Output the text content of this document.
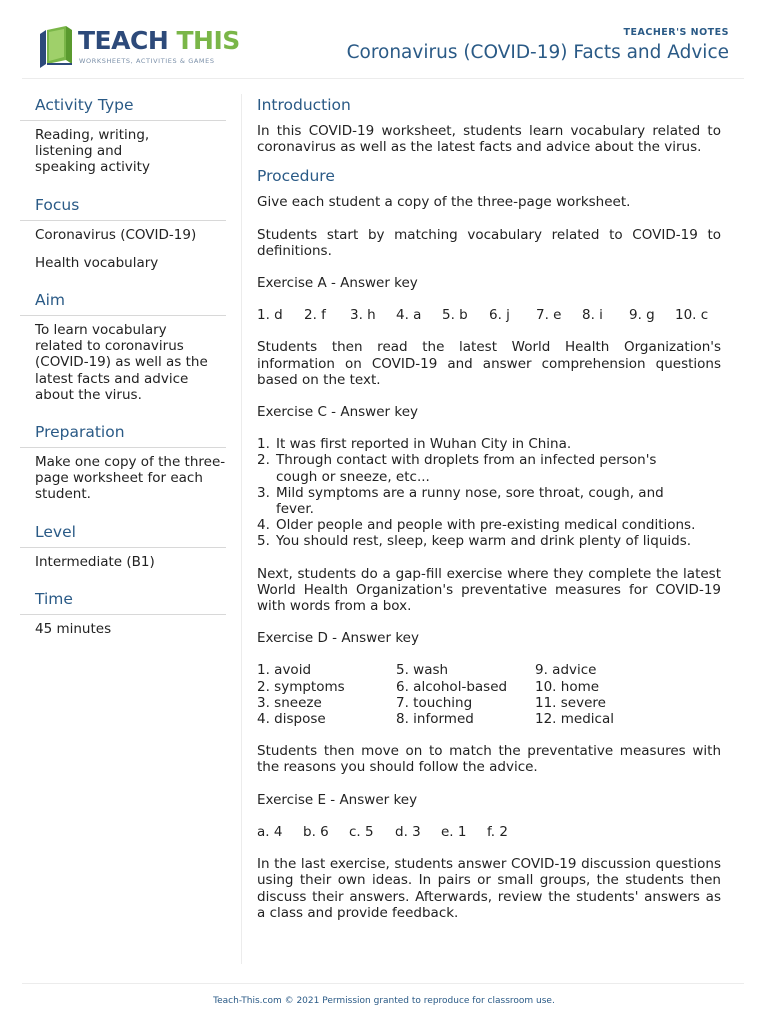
TEACH THIS
WORKSHEETS, ACTIVITIES & GAMES
TEACHER'S NOTES
Coronavirus (COVID-19) Facts and Advice
Activity Type
Reading, writing, listening and speaking activity
Focus
Coronavirus (COVID-19)
Health vocabulary
Aim
To learn vocabulary related to coronavirus (COVID-19) as well as the latest facts and advice about the virus.
Preparation
Make one copy of the three-page worksheet for each student.
Level
Intermediate (B1)
Time
45 minutes
Introduction

In this COVID-19 worksheet, students learn vocabulary related to coronavirus as well as the latest facts and advice about the virus.

Procedure

Give each student a copy of the three-page worksheet.

Students start by matching vocabulary related to COVID-19 to definitions.

Exercise A - Answer key

1. d	2. f	3. h	4. a	5. b	6. j	7. e	8. i	9. g	10. c

Students then read the latest World Health Organization's information on COVID-19 and answer comprehension questions based on the text.

Exercise C - Answer key

1. It was first reported in Wuhan City in China.
2. Through contact with droplets from an infected person's cough or sneeze, etc...
3. Mild symptoms are a runny nose, sore throat, cough, and fever.
4. Older people and people with pre-existing medical conditions.
5. You should rest, sleep, keep warm and drink plenty of liquids.

Next, students do a gap-fill exercise where they complete the latest World Health Organization's preventative measures for COVID-19 with words from a box.

Exercise D - Answer key

1. avoid	5. wash	9. advice
2. symptoms	6. alcohol-based	10. home
3. sneeze	7. touching	11. severe
4. dispose	8. informed	12. medical

Students then move on to match the preventative measures with the reasons you should follow the advice.

Exercise E - Answer key

a. 4	b. 6	c. 5	d. 3	e. 1	f. 2

In the last exercise, students answer COVID-19 discussion questions using their own ideas. In pairs or small groups, the students then discuss their answers. Afterwards, review the students' answers as a class and provide feedback.

Teach-This.com © 2021 Permission granted to reproduce for classroom use.
